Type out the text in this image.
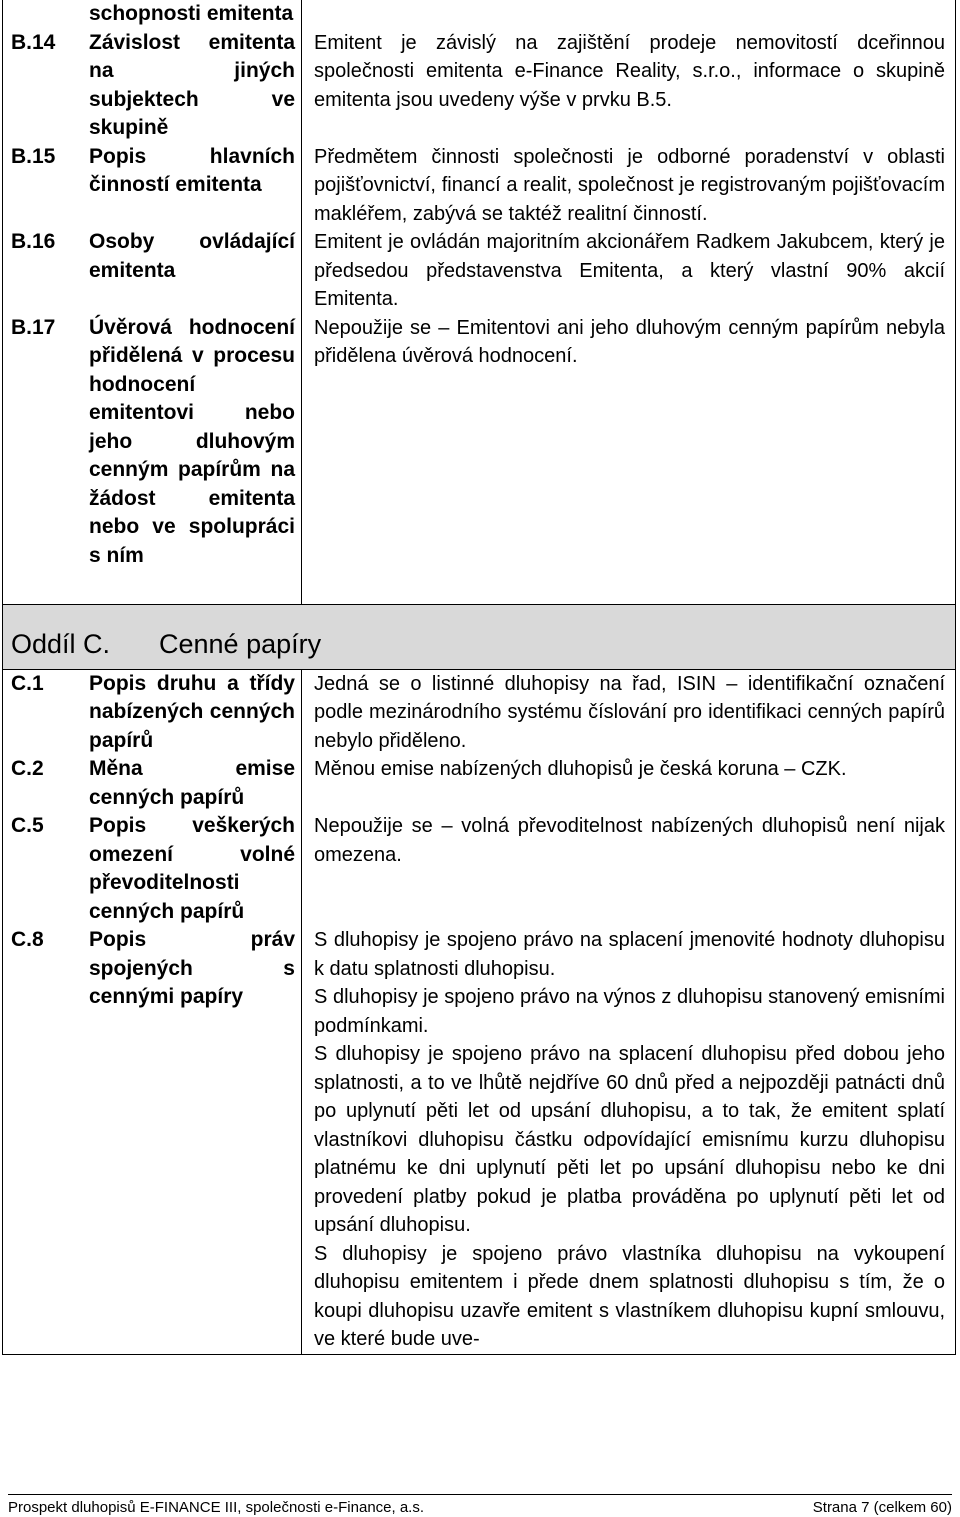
schopnosti emitenta
B.14	Závislost emitenta na jiných subjektech ve skupině

Emitent je závislý na zajištění prodeje nemovitostí dceřinnou společnosti emitenta e-Finance Reality, s.r.o., informace o skupině emitenta jsou uvedeny výše v prvku B.5.

B.15	Popis hlavních činností emitenta

Předmětem činnosti společnosti je odborné poradenství v oblasti pojišťovnictví, financí a realit, společnost je registrovaným pojišťovacím makléřem, zabývá se taktéž realitní činností.

B.16	Osoby ovládající emitenta

Emitent je ovládán majoritním akcionářem Radkem Jakubcem, který je předsedou představenstva Emitenta, a který vlastní 90% akcií Emitenta.

B.17	Úvěrová hodnocení přidělená v procesu hodnocení emitentovi nebo jeho dluhovým cenným papírům na žádost emitenta nebo ve spolupráci s ním

Nepoužije se – Emitentovi ani jeho dluhovým cenným papírům nebyla přidělena úvěrová hodnocení.

Oddíl C. Cenné papíry
C.1	Popis druhu a třídy nabízených cenných papírů

Jedná se o listinné dluhopisy na řad, ISIN – identifikační označení podle mezinárodního systému číslování pro identifikaci cenných papírů nebylo přiděleno.

C.2	Měna emise cenných papírů

Měnou emise nabízených dluhopisů je česká koruna – CZK.

C.5	Popis veškerých omezení volné převoditelnosti cenných papírů

Nepoužije se – volná převoditelnost nabízených dluhopisů není nijak omezena.

C.8	Popis práv spojených s cennými papíry

S dluhopisy je spojeno právo na splacení jmenovité hodnoty dluhopisu k datu splatnosti dluhopisu.

S dluhopisy je spojeno právo na výnos z dluhopisu stanovený emisními podmínkami.

S dluhopisy je spojeno právo na splacení dluhopisu před dobou jeho splatnosti, a to ve lhůtě nejdříve 60 dnů před a nejpozději patnácti dnů po uplynutí pěti let od upsání dluhopisu, a to tak, že emitent splatí vlastníkovi dluhopisu částku odpovídající emisnímu kurzu dluhopisu platnému ke dni uplynutí pěti let po upsání dluhopisu nebo ke dni provedení platby pokud je platba prováděna po uplynutí pěti let od upsání dluhopisu.

S dluhopisy je spojeno právo vlastníka dluhopisu na vykoupení dluhopisu emitentem i přede dnem splatnosti dluhopisu s tím, že o koupi dluhopisu uzavře emitent s vlastníkem dluhopisu kupní smlouvu, ve které bude uve-

Prospekt dluhopisů E-FINANCE III, společnosti e-Finance, a.s.	Strana 7 (celkem 60)
